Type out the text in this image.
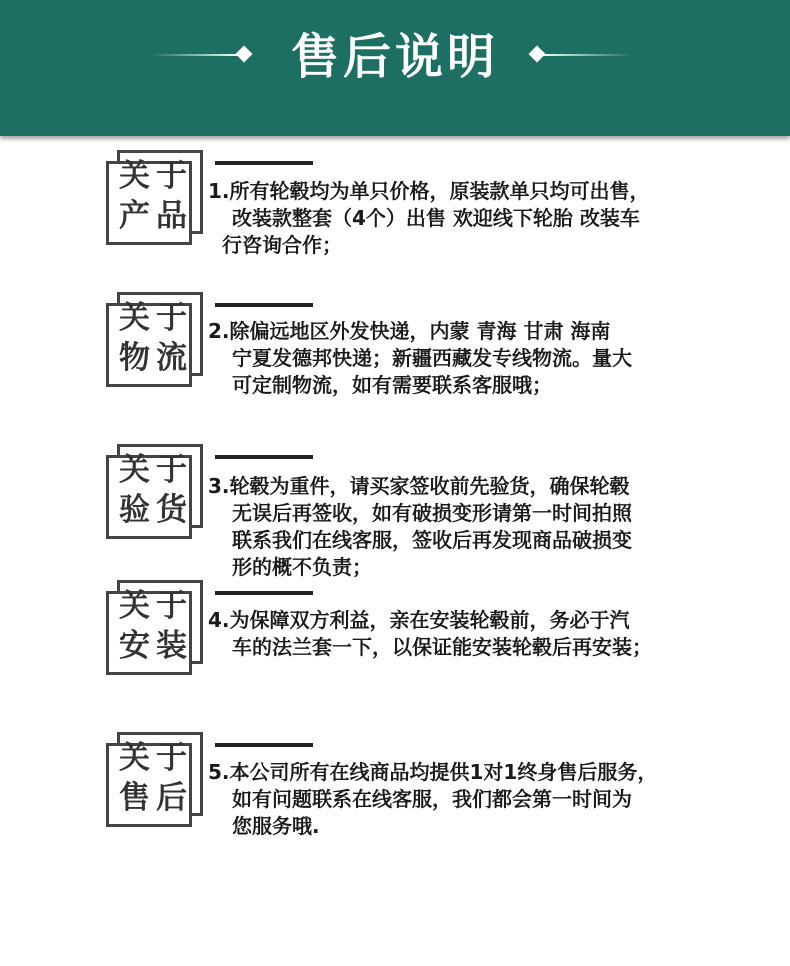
售后说明
关于
产品
1.所有轮毂均为单只价格，原装款单只均可出售，
改装款整套（4个）出售 欢迎线下轮胎 改装车
行咨询合作；
关于
物流
2.除偏远地区外发快递，内蒙 青海 甘肃 海南
宁夏发德邦快递；新疆西藏发专线物流。量大
可定制物流，如有需要联系客服哦；
关于
验货
3.轮毂为重件，请买家签收前先验货，确保轮毂
无误后再签收，如有破损变形请第一时间拍照
联系我们在线客服，签收后再发现商品破损变
形的概不负责；
关于
安装
4.为保障双方利益，亲在安装轮毂前，务必于汽
车的法兰套一下，以保证能安装轮毂后再安装；
关于
售后
5.本公司所有在线商品均提供1对1终身售后服务，
如有问题联系在线客服，我们都会第一时间为
您服务哦.
